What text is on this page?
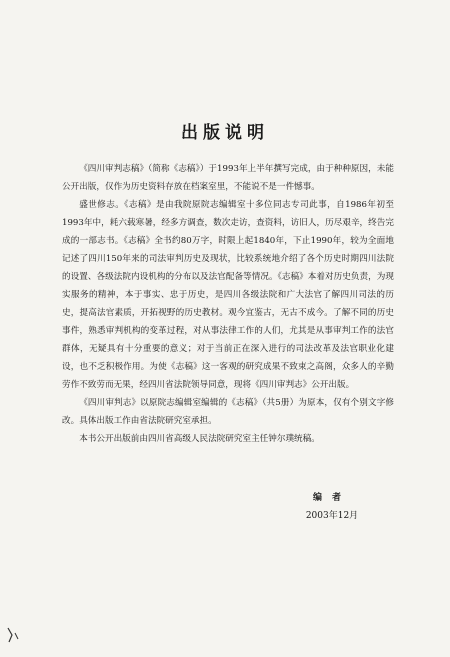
出版说明

《四川审判志稿》（简称《志稿》）于1993年上半年撰写完成，由于种种原因，未能公开出版，仅作为历史资料存放在档案室里，不能说不是一件憾事。

盛世修志。《志稿》是由我院原院志编辑室十多位同志专司此事，自1986年初至1993年中，耗六载寒暑，经多方调查，数次走访，查资料，访旧人，历尽艰辛，终告完成的一部志书。《志稿》全书约80万字，时限上起1840年，下止1990年，较为全面地记述了四川150年来的司法审判历史及现状，比较系统地介绍了各个历史时期四川法院的设置、各级法院内设机构的分布以及法官配备等情况。《志稿》本着对历史负责，为现实服务的精神，本于事实、忠于历史，是四川各级法院和广大法官了解四川司法的历史，提高法官素质，开拓视野的历史教材。观今宜鉴古，无古不成今。了解不同的历史事件，熟悉审判机构的变革过程，对从事法律工作的人们，尤其是从事审判工作的法官群体，无疑具有十分重要的意义；对于当前正在深入进行的司法改革及法官职业化建设，也不乏积极作用。为使《志稿》这一客观的研究成果不致束之高阁，众多人的辛勤劳作不致劳而无果，经四川省法院领导同意，现将《四川审判志》公开出版。

《四川审判志》以原院志编辑室编辑的《志稿》（共5册）为原本，仅有个别文字修改。具体出版工作由省法院研究室承担。

本书公开出版前由四川省高级人民法院研究室主任钟尔璞统稿。

编者
2003年12月
